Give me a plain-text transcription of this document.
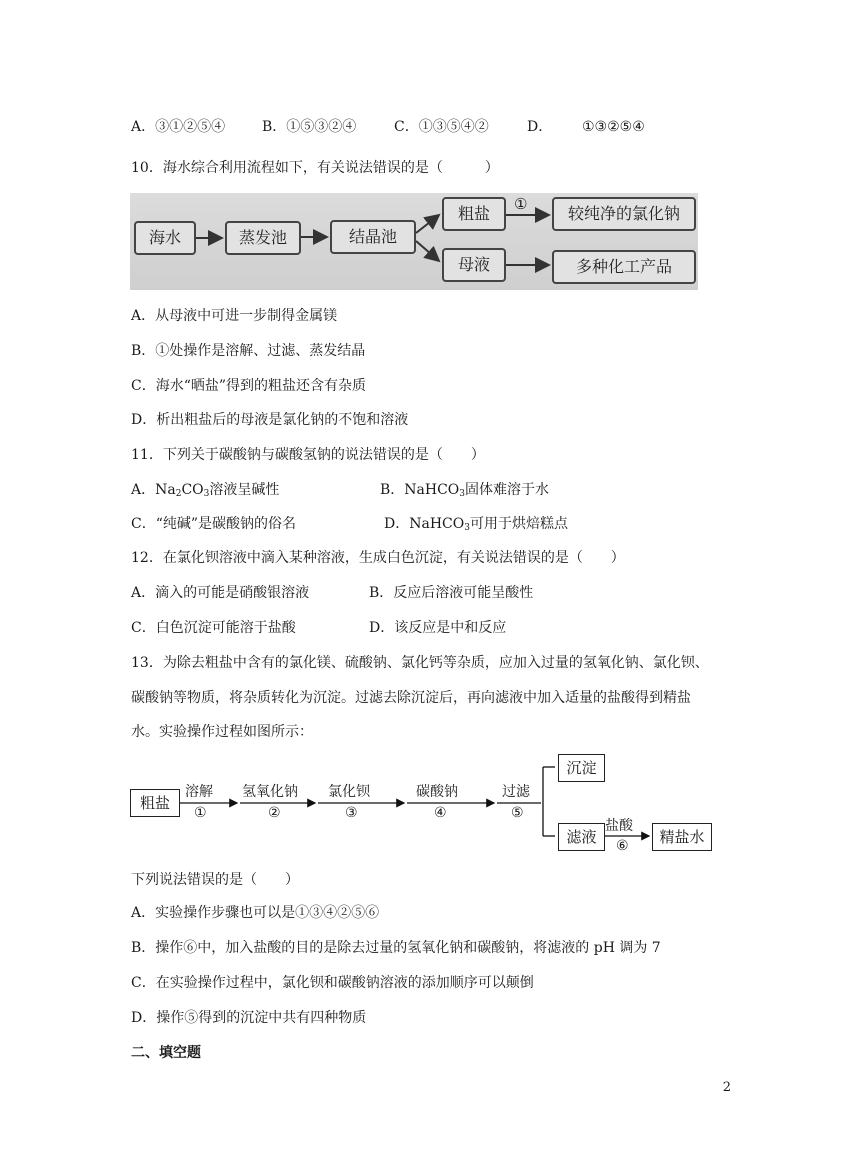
A．③①②⑤④	B．①⑤③②④	C．①③⑤④②	D． ①③②⑤④
10．海水综合利用流程如下，有关说法错误的是（　　　）
海水	蒸发池	结晶池
粗盐	较纯净的氯化钠
母液	多种化工产品
①
A．从母液中可进一步制得金属镁
B．①处操作是溶解、过滤、蒸发结晶
C．海水“晒盐”得到的粗盐还含有杂质
D．析出粗盐后的母液是氯化钠的不饱和溶液
11．下列关于碳酸钠与碳酸氢钠的说法错误的是（　　）
A．$Na_2CO_3$溶液呈碱性	B．NaHCO$_3$固体难溶于水
C．“纯碱”是碳酸钠的俗名	D．NaHCO$_3$可用于烘焙糕点
12．在氯化钡溶液中滴入某种溶液，生成白色沉淀，有关说法错误的是（　　）
A．滴入的可能是硝酸银溶液	B．反应后溶液可能呈酸性
C．白色沉淀可能溶于盐酸	D．该反应是中和反应
13．为除去粗盐中含有的氯化镁、硫酸钠、氯化钙等杂质，应加入过量的氢氧化钠、氯化钡、
碳酸钠等物质，将杂质转化为沉淀。过滤去除沉淀后，再向滤液中加入适量的盐酸得到精盐
水。实验操作过程如图所示：
粗盐
溶解
①
氢氧化钠
②
氯化钡
③
碳酸钠
④
过滤
⑤
沉淀
滤液
盐酸
⑥	精盐水
下列说法错误的是（　　）
A．实验操作步骤也可以是①③④②⑤⑥
B．操作⑥中，加入盐酸的目的是除去过量的氢氧化钠和碳酸钠，将滤液的 pH 调为 7
C．在实验操作过程中，氯化钡和碳酸钠溶液的添加顺序可以颠倒
D．操作⑤得到的沉淀中共有四种物质
二、填空题
2
